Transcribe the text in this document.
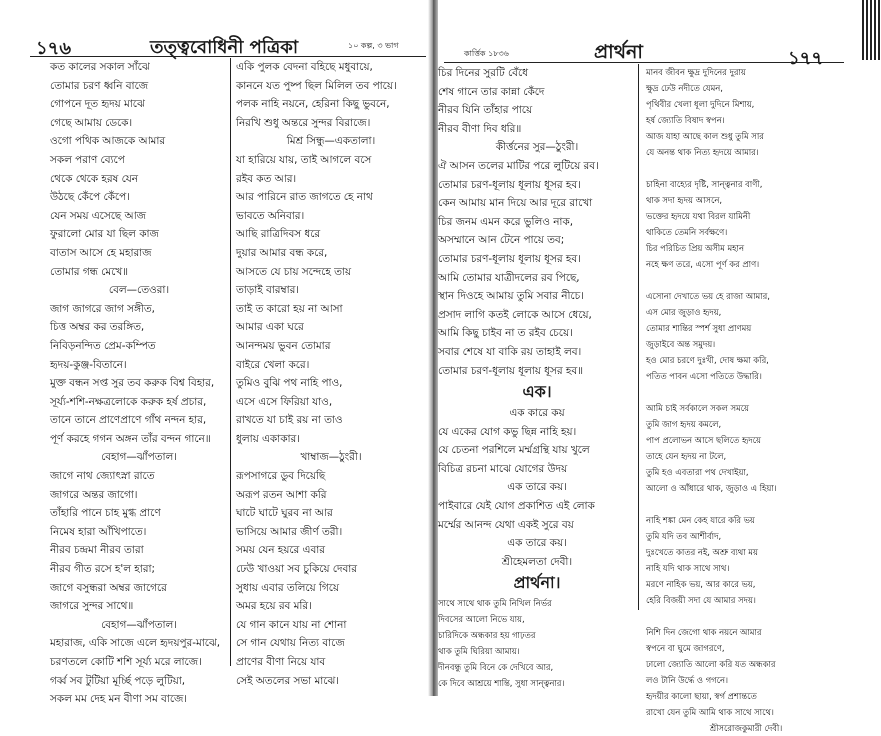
১৭৬	তত্ত্ববোধিনী পত্রিকা	১০ কল্প, ৩ ভাগ
কত কালের সকাল সাঁঝে
তোমার চরণ ধ্বনি বাজে
গোপনে দূত হৃদয় মাঝে
গেছে আমায় ডেকে।
ওগো পথিক আজকে আমার
সকল পরাণ ব্যেপে
থেকে থেকে হরষ যেন
উঠছে কেঁপে কেঁপে।
যেন সময় এসেছে আজ
ফুরালো মোর যা ছিল কাজ
বাতাস আসে হে মহারাজ
তোমার গন্ধ মেখে॥
বেল—তেওরা।
জাগ জাগরে জাগ সঙ্গীত,
চিত্ত অম্বর কর তরঙ্গিত,
নিবিড়নন্দিত প্রেম-কম্পিত
হৃদয়-কুঞ্জ-বিতানে।
মুক্ত বন্ধন সপ্ত সুর তব করুক বিশ্ব বিহার,
সূর্য্য-শশি-নক্ষত্রলোকে করুক হর্ষ প্রচার,
তানে তানে প্রাণেপ্রাণে গাঁথ নন্দন হার,
পূর্ণ করহে গগন অঙ্গন তাঁর বন্দন গানে॥
বেহাগ—ঝাঁপতাল।
জাগে নাথ জ্যোৎস্না রাতে
জাগরে অন্তর জাগো।
তাঁহারি পানে চাহ মুগ্ধ প্রাণে
নিমেষ হারা আঁখিপাতে।
নীরব চন্দ্রমা নীরব তারা
নীরব গীত রসে হ'ল হারা;
জাগে বসুন্ধরা অম্বর জাগেরে
জাগরে সুন্দর সাথে॥
বেহাগ—ঝাঁপতাল।
মহারাজ, একি সাজে এলে হৃদয়পুর-মাঝে,
চরণতলে কোটি শশি সূর্য্য মরে লাজে।
গর্ব্ব সব টুটিয়া মূর্চ্ছি পড়ে লুটিয়া,
সকল মম দেহ মন বীণা সম বাজে।
একি পুলক বেদনা বহিছে মধুবায়ে,
কাননে যত পুষ্প ছিল মিলিল তব পায়ে।
পলক নাহি নয়নে, হেরিনা কিছু ভুবনে,
নিরখি শুধু অন্তরে সুন্দর বিরাজে।
মিশ্র সিন্ধু—একতালা।
যা হারিয়ে যায়, তাই আগলে বসে
রইব কত আর।
আর পারিনে রাত জাগতে হে নাথ
ভাবতে অনিবার।
আছি রাত্রিদিবস ধরে
দুয়ার আমার বন্ধ করে,
আসতে যে চায় সন্দেহে তায়
তাড়াই বারম্বার।
তাই ত কারো হয় না আসা
আমার একা ঘরে
আনন্দময় ভুবন তোমার
বাইরে খেলা করে।
তুমিও বুঝি পথ নাহি পাও,
এসে এসে ফিরিয়া যাও,
রাখতে যা চাই রয় না তাও
ধুলায় একাকার।
খাম্বাজ—ঠুংরী।
রূপসাগরে ডুব দিয়েছি
অরূপ রতন আশা করি
ঘাটে ঘাটে ঘুরব না আর
ভাসিয়ে আমার জীর্ণ তরী।
সময় যেন হয়রে এবার
ঢেউ খাওয়া সব চুকিয়ে দেবার
সুধায় এবার তলিয়ে গিয়ে
অমর হয়ে রব মরি।
যে গান কানে যায় না শোনা
সে গান যেথায় নিত্য বাজে
প্রাণের বীণা নিয়ে যাব
সেই অতলের সভা মাঝে।
কার্ত্তিক ১৮৩৬	প্রার্থনা	১৭৭
চির দিনের সুরটি বেঁধে
শেষ গানে তার কান্না কেঁদে
নীরব যিনি তাঁহার পায়ে
নীরব বীণা দিব ধরি॥
কীর্ত্তনের সুর—ঠুংরী।
ঐ আসন তলের মাটির পরে লুটিয়ে রব।
তোমার চরণ-ধূলায় ধূলায় ধূসর হব।
কেন আমায় মান দিয়ে আর দূরে রাখো
চির জনম এমন করে ভুলিও নাক,
অসম্মানে আন টেনে পায়ে তব;
তোমার চরণ-ধূলায় ধূলায় ধূসর হব।
আমি তোমার যাত্রীদলের রব পিছে,
স্থান দিওহে আমায় তুমি সবার নীচে।
প্রসাদ লাগি কতই লোকে আসে ধেয়ে,
আমি কিছু চাইব না ত রইব চেয়ে।
সবার শেষে যা বাকি রয় তাহাই লব।
তোমার চরণ-ধূলায় ধূলায় ধূসর হব॥
এক।
এক কারে কয়
যে একের যোগ কভু ছিন্ন নাহি হয়।
যে চেতনা পরশিলে মর্ম্মগ্রন্থি যায় খুলে
বিচিত্র রচনা মাঝে যোগের উদয়
এক তারে কয়।
পাইবারে যেই যোগ প্রকাশিত এই লোক
মর্ম্মের আনন্দ যেথা একই সুরে বয়
এক তারে কয়।
শ্রীহেমলতা দেবী।
প্রার্থনা।
সাথে সাথে থাক তুমি নিখিল নির্ভর
দিবসের আলো নিভে যায়,
চারিদিকে অন্ধকার হয় গাঢ়তর
থাক তুমি ঘিরিয়া আমায়।
দীনবন্ধু তুমি বিনে কে দেখিবে আর,
কে দিবে আশ্রয়ে শান্তি, সুধা সান্ত্বনার।
মানব জীবন ক্ষুদ্র দুদিনের দুরায়
ক্ষুদ্র ঢেউ নদীতে যেমন,
পৃথিবীর খেলা ধূলা দুদিনে মিশায়,
হর্ষ জ্যোতি বিষাদ স্বপন।
আজ যাহা আছে কাল শুধু তুমি সার
যে অনন্ত থাক নিত্য হৃদয়ে আমার।
চাহিনা বাহ্যের দৃষ্টি, সান্ত্বনার বাণী,
থাক সদা হৃদয় আসনে,
ভক্তের হৃদয়ে যথা বিরল যামিনী
থাকিতে তেমনি সর্বক্ষণে।
চির পরিচিত প্রিয় অসীম মহান
নহে ক্ষণ তরে, এসো পূর্ণ কর প্রাণ।
এসোনা দেখাতে ভয় হে রাজা আমার,
এস মোর জুড়াও হৃদয়,
তোমার শান্তির স্পর্শ সুধা প্রাণময়
জুড়াইবে অন্ত সমুদয়।
হও মোর চরণে দুঃখী, দোষ ক্ষমা করি,
পতিত পাবন এসো পতিতে উদ্ধারি।
আমি চাই সর্বকালে সকল সময়ে
তুমি জাগ হৃদয় কমলে,
পাপ প্রলোভন আসে ছলিতে হৃদয়ে
তাহে যেন হৃদয় না টলে,
তুমি হও এবতারা পথ দেখাইয়া,
আলো ও আঁধারে থাক, জুড়াও এ হিয়া।
নাহি শঙ্কা মেন কেহ যারে করি ভয়
তুমি যদি তব আশীর্বাদ,
দুঃখেতে কাতর নই, অশ্রু ব্যথা ময়
নাহি যদি থাক সাথে সাথ।
মরণে নাহিক ভয়, আর কারে ভয়,
হেরি বিজয়ী সদা যে আমার সদয়।
নিশি দিন জেগো থাক নয়নে আমার
স্বপনে বা ঘুমে জাগরণে,
ঢালো জ্যোতি আলো করি যত অন্ধকার
লও টানি উর্দ্ধে ও গগনে।
হৃদয়ীর কালো ছায়া, স্বর্গ প্রশান্ততে
রাখো যেন তুমি আমি থাক সাথে সাথে।
শ্রীসরোজকুমারী দেবী।
